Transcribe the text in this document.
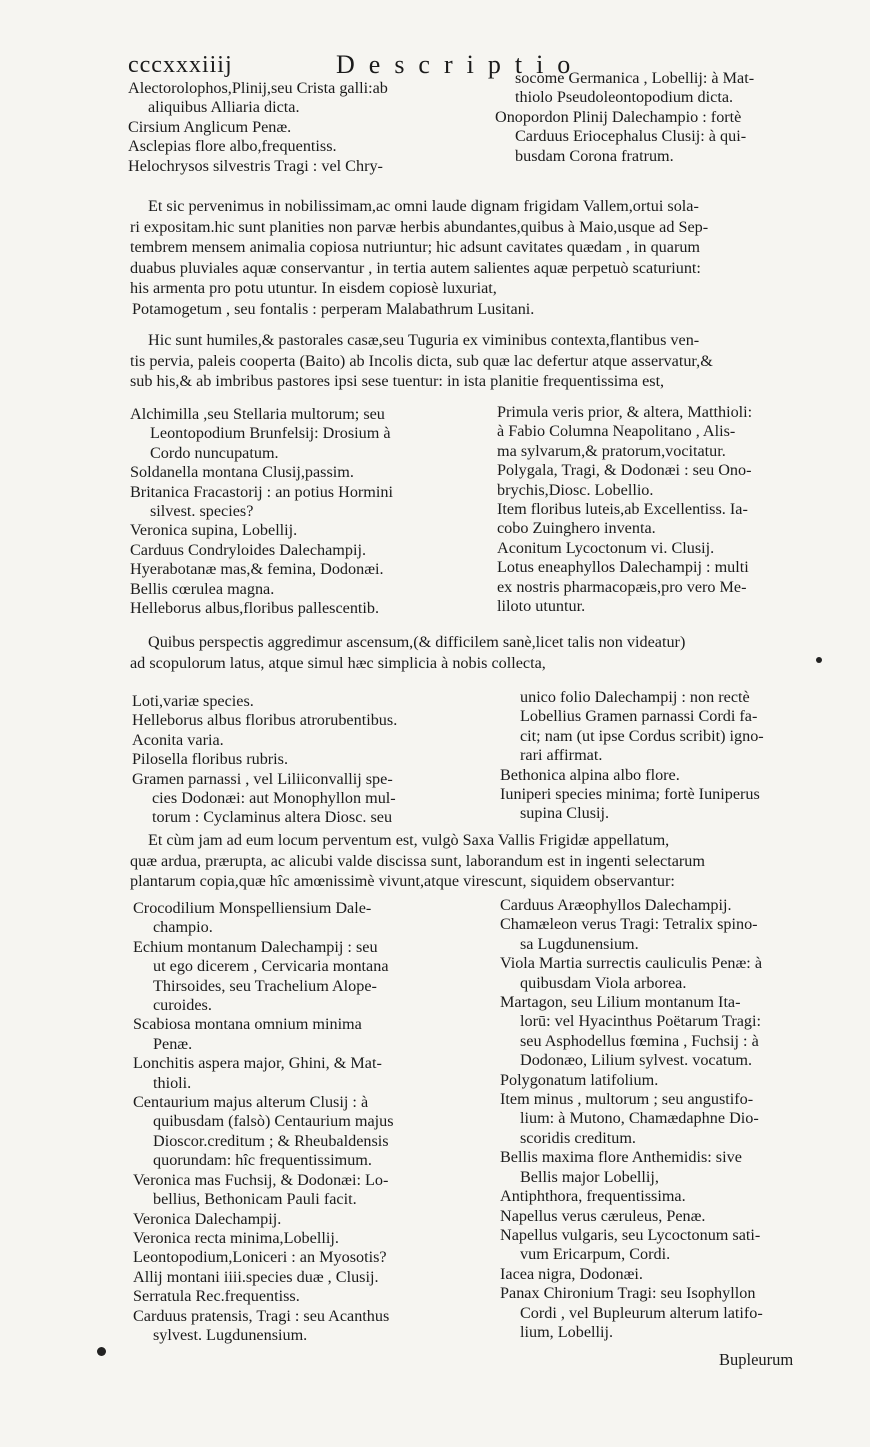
cccxxxiiij	Descriptio
Alectorolophos,Plinij,seu Crista galli:ab
aliquibus Alliaria dicta.
Cirsium Anglicum Penæ.
Asclepias flore albo,frequentiss.
Helochrysos silvestris Tragi : vel Chry-
socome Germanica , Lobellij: à Mat-
thiolo Pseudoleontopodium dicta.
Onopordon Plinij Dalechampio : fortè
Carduus Eriocephalus Clusij: à qui-
busdam Corona fratrum.
Et sic pervenimus in nobilissimam,ac omni laude dignam frigidam Vallem,ortui sola-
ri expositam.hic sunt planities non parvæ herbis abundantes,quibus à Maio,usque ad Sep-
tembrem mensem animalia copiosa nutriuntur; hic adsunt cavitates quædam , in quarum
duabus pluviales aquæ conservantur , in tertia autem salientes aquæ perpetuò scaturiunt:
his armenta pro potu utuntur. In eisdem copiosè luxuriat,
Potamogetum , seu fontalis : perperam Malabathrum Lusitani.
Hic sunt humiles,& pastorales casæ,seu Tuguria ex viminibus contexta,flantibus ven-
tis pervia, paleis cooperta (Baito) ab Incolis dicta, sub quæ lac defertur atque asservatur,&
sub his,& ab imbribus pastores ipsi sese tuentur: in ista planitie frequentissima est,
Alchimilla ,seu Stellaria multorum; seu
Leontopodium Brunfelsij: Drosium à
Cordo nuncupatum.
Soldanella montana Clusij,passim.
Britanica Fracastorij : an potius Hormini
silvest. species?
Veronica supina, Lobellij.
Carduus Condryloides Dalechampij.
Hyerabotanæ mas,& femina, Dodonæi.
Bellis cœrulea magna.
Helleborus albus,floribus pallescentib.
Primula veris prior, & altera, Matthioli:
à Fabio Columna Neapolitano , Alis-
ma sylvarum,& pratorum,vocitatur.
Polygala, Tragi, & Dodonæi : seu Ono-
brychis,Diosc. Lobellio.
Item floribus luteis,ab Excellentiss. Ia-
cobo Zuinghero inventa.
Aconitum Lycoctonum vi. Clusij.
Lotus eneaphyllos Dalechampij : multi
ex nostris pharmacopæis,pro vero Me-
liloto utuntur.
Quibus perspectis aggredimur ascensum,(& difficilem sanè,licet talis non videatur)
ad scopulorum latus, atque simul hæc simplicia à nobis collecta,
Loti,variæ species.
Helleborus albus floribus atrorubentibus.
Aconita varia.
Pilosella floribus rubris.
Gramen parnassi , vel Liliiconvallij spe-
cies Dodonæi: aut Monophyllon mul-
torum : Cyclaminus altera Diosc. seu
unico folio Dalechampij : non rectè
Lobellius Gramen parnassi Cordi fa-
cit; nam (ut ipse Cordus scribit) igno-
rari affirmat.
Bethonica alpina albo flore.
Iuniperi species minima; fortè Iuniperus
supina Clusij.
Et cùm jam ad eum locum perventum est, vulgò Saxa Vallis Frigidæ appellatum,
quæ ardua, prærupta, ac alicubi valde discissa sunt, laborandum est in ingenti selectarum
plantarum copia,quæ hîc amœnissimè vivunt,atque virescunt, siquidem observantur:
Crocodilium Monspelliensium Dale-
champio.
Echium montanum Dalechampij : seu
ut ego dicerem , Cervicaria montana
Thirsoides, seu Trachelium Alope-
curoides.
Scabiosa montana omnium minima
Penæ.
Lonchitis aspera major, Ghini, & Mat-
thioli.
Centaurium majus alterum Clusij : à
quibusdam (falsò) Centaurium majus
Dioscor.creditum ; & Rheubaldensis
quorundam: hîc frequentissimum.
Veronica mas Fuchsij, & Dodonæi: Lo-
bellius, Bethonicam Pauli facit.
Veronica Dalechampij.
Veronica recta minima,Lobellij.
Leontopodium,Loniceri : an Myosotis?
Allij montani iiii.species duæ , Clusij.
Serratula Rec.frequentiss.
Carduus pratensis, Tragi : seu Acanthus
sylvest. Lugdunensium.
Carduus Aræophyllos Dalechampij.
Chamæleon verus Tragi: Tetralix spino-
sa Lugdunensium.
Viola Martia surrectis cauliculis Penæ: à
quibusdam Viola arborea.
Martagon, seu Lilium montanum Ita-
lorū: vel Hyacinthus Poëtarum Tragi:
seu Asphodellus fœmina , Fuchsij : à
Dodonæo, Lilium sylvest. vocatum.
Polygonatum latifolium.
Item minus , multorum ; seu angustifo-
lium: à Mutono, Chamædaphne Dio-
scoridis creditum.
Bellis maxima flore Anthemidis: sive
Bellis major Lobellij,
Antiphthora, frequentissima.
Napellus verus cæruleus, Penæ.
Napellus vulgaris, seu Lycoctonum sati-
vum Ericarpum, Cordi.
Iacea nigra, Dodonæi.
Panax Chironium Tragi: seu Isophyllon
Cordi , vel Bupleurum alterum latifo-
lium, Lobellij.
Bupleurum
